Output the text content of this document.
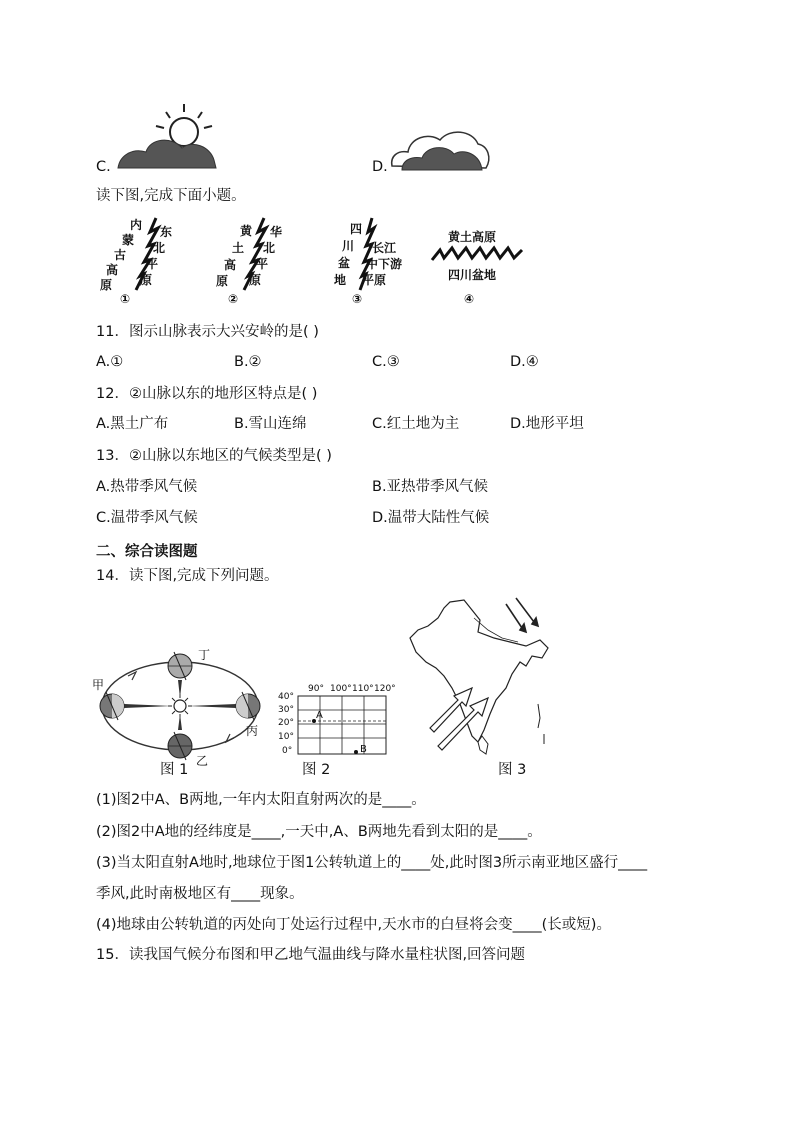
C.	D.
读下图,完成下面小题。
内
蒙
古
高
原
东
北
平
原
①
黄
土
高
原
华
北
平
原
②
四
川
盆
地
长江
中下游
平原
③
黄土高原
四川盆地
④
11．图示山脉表示大兴安岭的是( )
A.①	B.②	C.③	D.④
12．②山脉以东的地形区特点是( )
A.黑土广布	B.雪山连绵	C.红土地为主	D.地形平坦
13．②山脉以东地区的气候类型是( )
A.热带季风气候	B.亚热带季风气候
C.温带季风气候	D.温带大陆性气候
二、综合读图题
14．读下图,完成下列问题。
甲
乙
丙
丁
图 1
90° 100° 110° 120°
40°
30°
20°
10°
0°
A
B
图 2	图 3
(1)图2中A、B两地,一年内太阳直射两次的是____。
(2)图2中A地的经纬度是____,一天中,A、B两地先看到太阳的是____。
(3)当太阳直射A地时,地球位于图1公转轨道上的____处,此时图3所示南亚地区盛行____
季风,此时南极地区有____现象。
(4)地球由公转轨道的丙处向丁处运行过程中,天水市的白昼将会变____(长或短)。
15．读我国气候分布图和甲乙地气温曲线与降水量柱状图,回答问题
